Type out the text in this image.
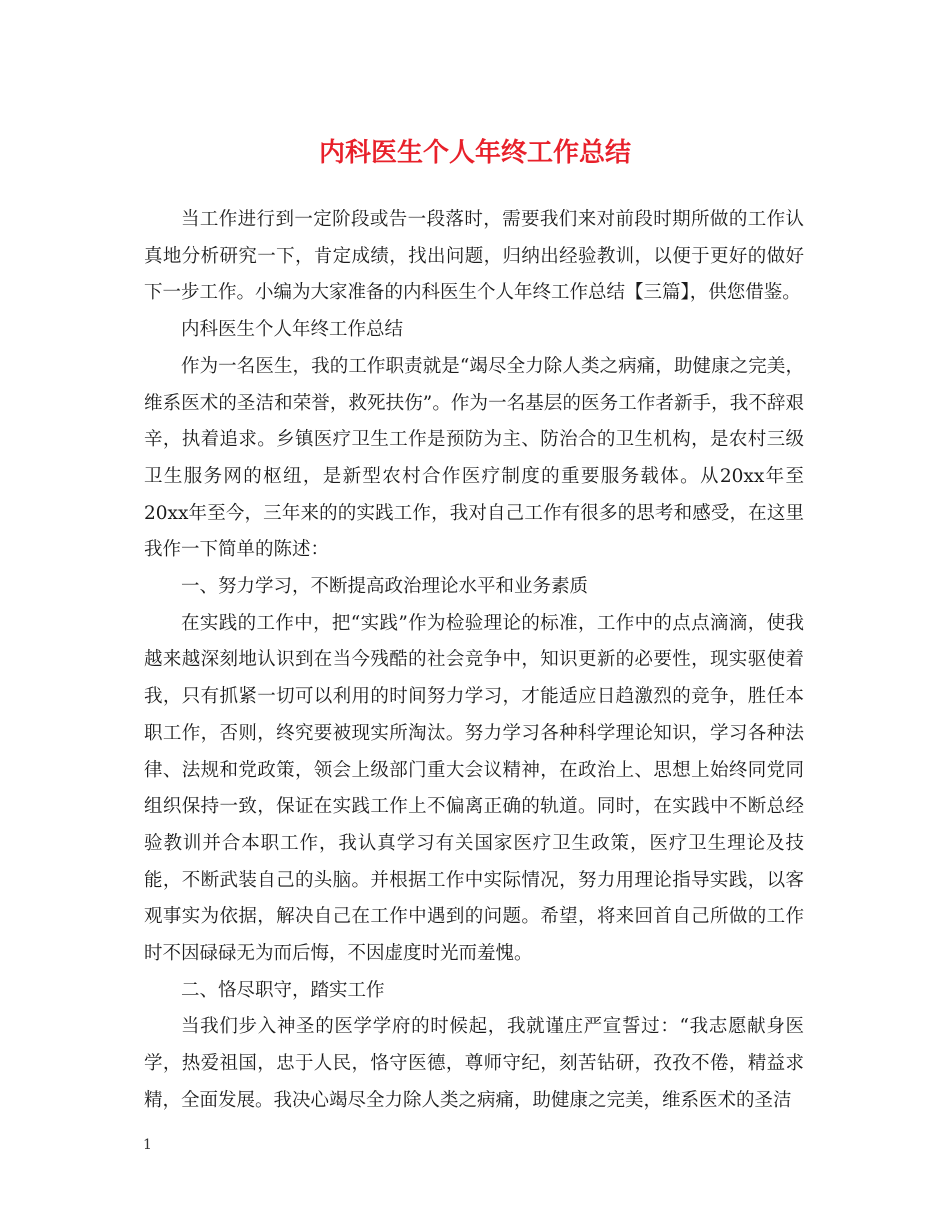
内科医生个人年终工作总结

当工作进行到一定阶段或告一段落时，需要我们来对前段时期所做的工作认真地分析研究一下，肯定成绩，找出问题，归纳出经验教训，以便于更好的做好下一步工作。小编为大家准备的内科医生个人年终工作总结【三篇】，供您借鉴。

内科医生个人年终工作总结

作为一名医生，我的工作职责就是“竭尽全力除人类之病痛，助健康之完美，维系医术的圣洁和荣誉，救死扶伤”。作为一名基层的医务工作者新手，我不辞艰辛，执着追求。乡镇医疗卫生工作是预防为主、防治合的卫生机构，是农村三级卫生服务网的枢纽，是新型农村合作医疗制度的重要服务载体。从20xx年至20xx年至今，三年来的的实践工作，我对自己工作有很多的思考和感受，在这里我作一下简单的陈述：

一、努力学习，不断提高政治理论水平和业务素质

在实践的工作中，把“实践”作为检验理论的标准，工作中的点点滴滴，使我越来越深刻地认识到在当今残酷的社会竞争中，知识更新的必要性，现实驱使着我，只有抓紧一切可以利用的时间努力学习，才能适应日趋激烈的竞争，胜任本职工作，否则，终究要被现实所淘汰。努力学习各种科学理论知识，学习各种法律、法规和党政策，领会上级部门重大会议精神，在政治上、思想上始终同党同组织保持一致，保证在实践工作上不偏离正确的轨道。同时，在实践中不断总经验教训并合本职工作，我认真学习有关国家医疗卫生政策，医疗卫生理论及技能，不断武装自己的头脑。并根据工作中实际情况，努力用理论指导实践，以客观事实为依据，解决自己在工作中遇到的问题。希望，将来回首自己所做的工作时不因碌碌无为而后悔，不因虚度时光而羞愧。

二、恪尽职守，踏实工作

当我们步入神圣的医学学府的时候起，我就谨庄严宣誓过：“我志愿献身医学，热爱祖国，忠于人民，恪守医德，尊师守纪，刻苦钻研，孜孜不倦，精益求精，全面发展。我决心竭尽全力除人类之病痛，助健康之完美，维系医术的圣洁

1
